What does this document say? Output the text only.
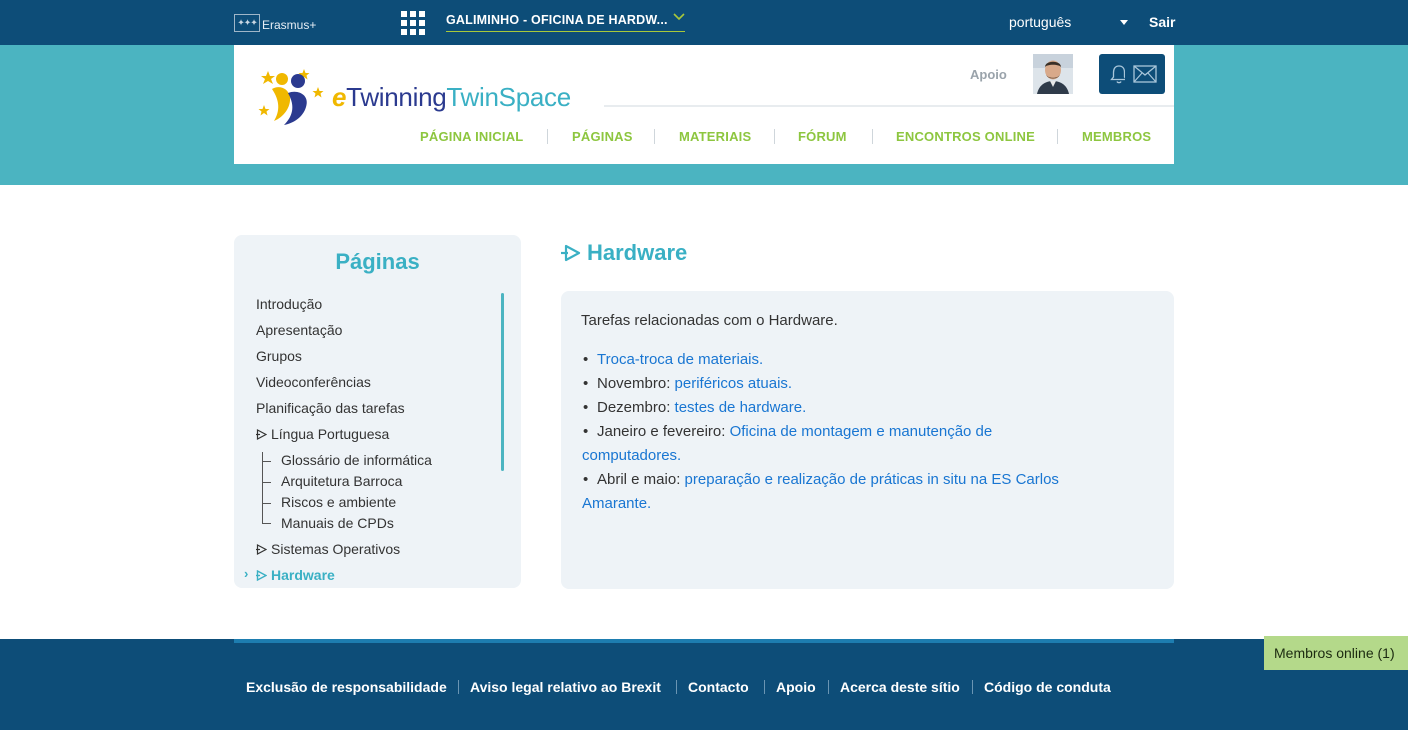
✦✦✦ Erasmus+	GALIMINHO - OFICINA DE HARDW...	português	Sair
eTwinningTwinSpace
Apoio
PÁGINA INICIAL	PÁGINAS	MATERIAIS	FÓRUM	ENCONTROS ONLINE	MEMBROS
Páginas
Introdução
Apresentação
Grupos
Videoconferências
Planificação das tarefas
Língua Portuguesa
Glossário de informática
Arquitetura Barroca
Riscos e ambiente
Manuais de CPDs
Sistemas Operativos
›	Hardware
Hardware

Tarefas relacionadas com o Hardware.

• Troca-troca de materiais.
• Novembro: periféricos atuais.
• Dezembro: testes de hardware.
• Janeiro e fevereiro: Oficina de montagem e manutenção de
computadores.
• Abril e maio: preparação e realização de práticas in situ na ES Carlos
Amarante.
Exclusão de responsabilidade Aviso legal relativo ao Brexit Contacto Apoio Acerca deste sítio Código de conduta
Membros online (1)
